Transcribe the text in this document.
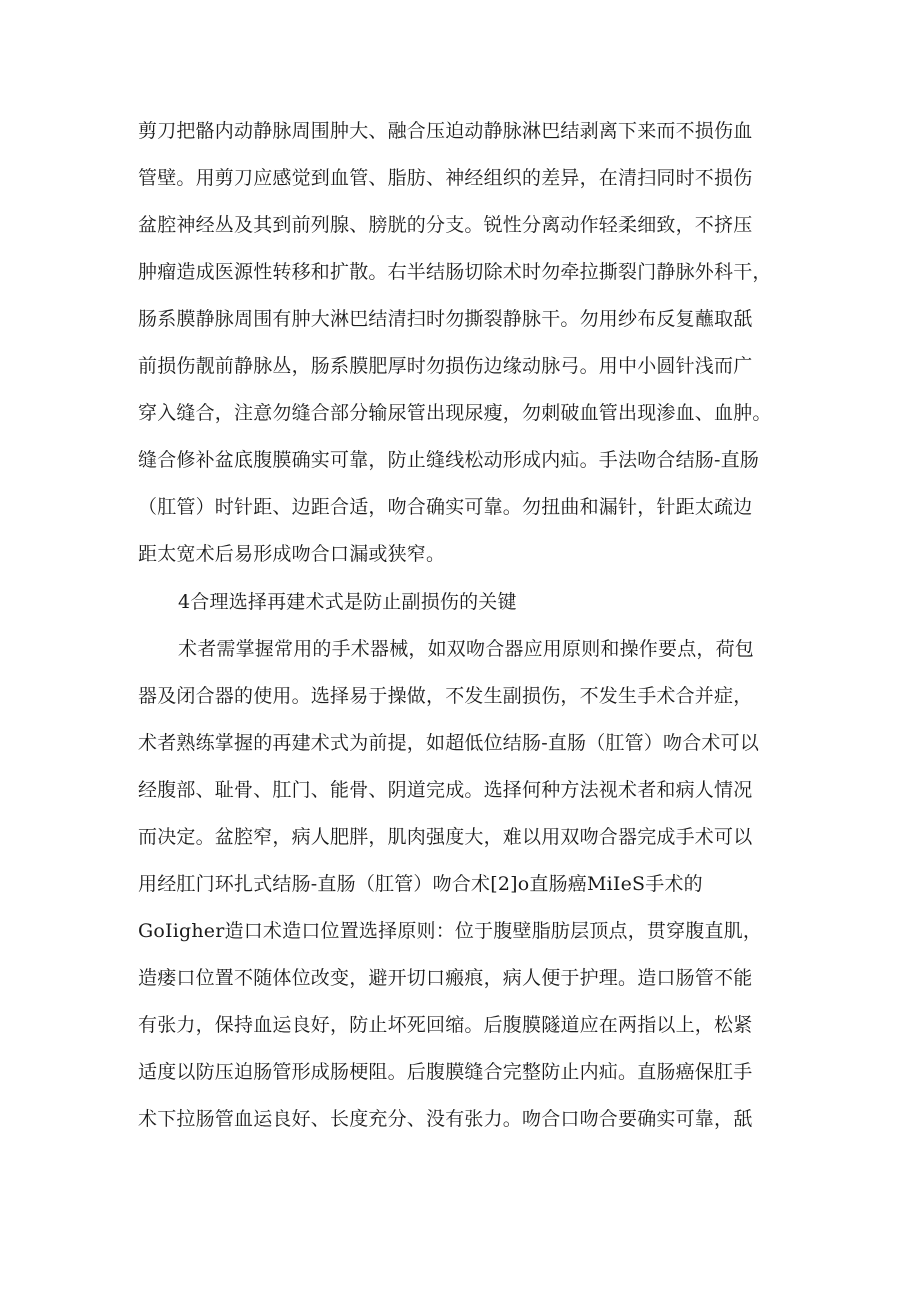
剪刀把骼内动静脉周围肿大、融合压迫动静脉淋巴结剥离下来而不损伤血
管壁。用剪刀应感觉到血管、脂肪、神经组织的差异，在清扫同时不损伤
盆腔神经丛及其到前列腺、膀胱的分支。锐性分离动作轻柔细致，不挤压
肿瘤造成医源性转移和扩散。右半结肠切除术时勿牵拉撕裂门静脉外科干，
肠系膜静脉周围有肿大淋巴结清扫时勿撕裂静脉干。勿用纱布反复蘸取舐
前损伤靓前静脉丛，肠系膜肥厚时勿损伤边缘动脉弓。用中小圆针浅而广
穿入缝合，注意勿缝合部分输尿管出现尿瘦，勿刺破血管出现渗血、血肿。
缝合修补盆底腹膜确实可靠，防止缝线松动形成内疝。手法吻合结肠-直肠
（肛管）时针距、边距合适，吻合确实可靠。勿扭曲和漏针，针距太疏边
距太宽术后易形成吻合口漏或狭窄。
4合理选择再建术式是防止副损伤的关键
术者需掌握常用的手术器械，如双吻合器应用原则和操作要点，荷包
器及闭合器的使用。选择易于操做，不发生副损伤，不发生手术合并症，
术者熟练掌握的再建术式为前提，如超低位结肠-直肠（肛管）吻合术可以
经腹部、耻骨、肛门、能骨、阴道完成。选择何种方法视术者和病人情况
而决定。盆腔窄，病人肥胖，肌肉强度大，难以用双吻合器完成手术可以
用经肛门环扎式结肠-直肠（肛管）吻合术[2]o直肠癌MiIeS手术的
GoIigher造口术造口位置选择原则：位于腹壁脂肪层顶点，贯穿腹直肌，
造瘘口位置不随体位改变，避开切口瘢痕，病人便于护理。造口肠管不能
有张力，保持血运良好，防止坏死回缩。后腹膜隧道应在两指以上，松紧
适度以防压迫肠管形成肠梗阻。后腹膜缝合完整防止内疝。直肠癌保肛手
术下拉肠管血运良好、长度充分、没有张力。吻合口吻合要确实可靠，舐
